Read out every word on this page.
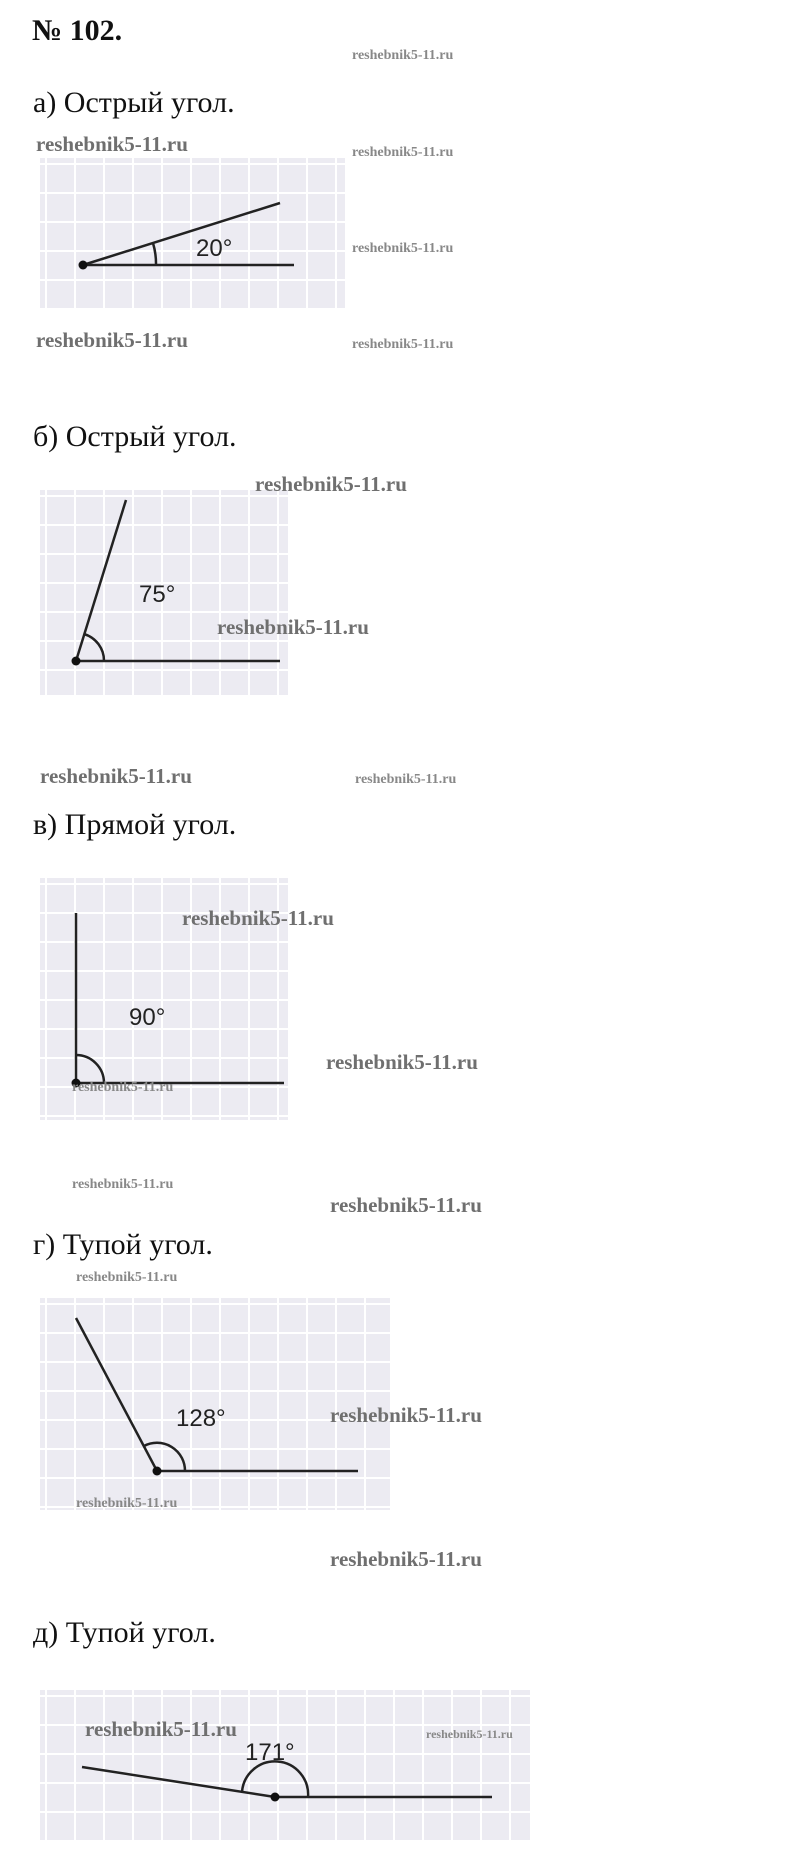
№ 102.
а) Острый угол.
20°
б) Острый угол.
75°
в) Прямой угол.
90°
г) Тупой угол.
128°
д) Тупой угол.
171°
reshebnik5-11.ru
reshebnik5-11.ru	reshebnik5-11.ru
reshebnik5-11.ru
reshebnik5-11.ru	reshebnik5-11.ru
reshebnik5-11.ru
reshebnik5-11.ru
reshebnik5-11.ru	reshebnik5-11.ru
reshebnik5-11.ru
reshebnik5-11.ru
reshebnik5-11.ru
reshebnik5-11.ru
reshebnik5-11.ru
reshebnik5-11.ru
reshebnik5-11.ru
reshebnik5-11.ru
reshebnik5-11.ru
reshebnik5-11.ru	reshebnik5-11.ru
